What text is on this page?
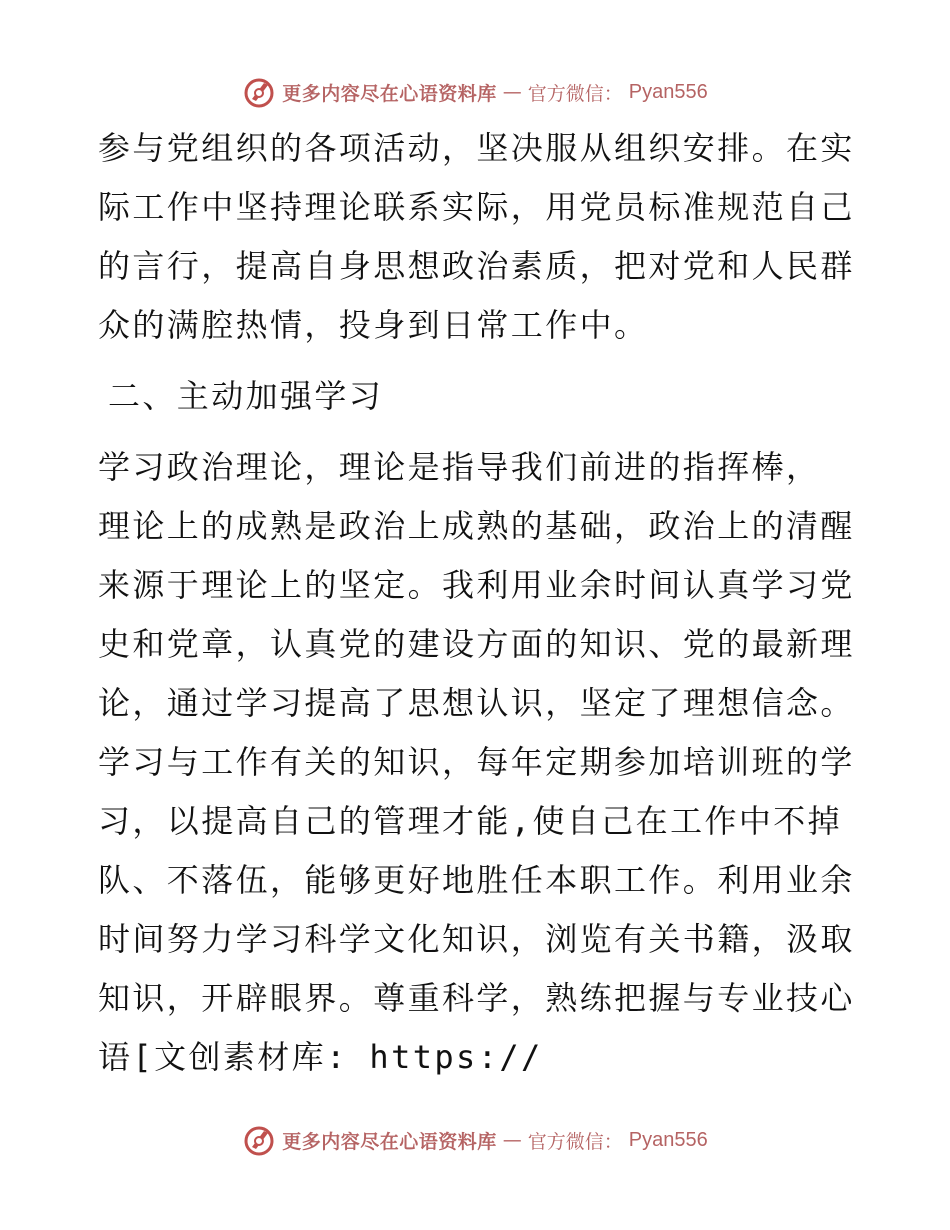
更多内容尽在心语资料库 — 官方微信： Pyan556
参与党组织的各项活动，坚决服从组织安排。在实
际工作中坚持理论联系实际，用党员标准规范自己
的言行，提高自身思想政治素质，把对党和人民群
众的满腔热情，投身到日常工作中。
二、主动加强学习
学习政治理论，理论是指导我们前进的指挥棒，
理论上的成熟是政治上成熟的基础，政治上的清醒
来源于理论上的坚定。我利用业余时间认真学习党
史和党章，认真党的建设方面的知识、党的最新理
论，通过学习提高了思想认识，坚定了理想信念。
学习与工作有关的知识，每年定期参加培训班的学
习，以提高自己的管理才能,使自己在工作中不掉
队、不落伍，能够更好地胜任本职工作。利用业余
时间努力学习科学文化知识，浏览有关书籍，汲取
知识，开辟眼界。尊重科学，熟练把握与专业技心
语[文创素材库: https://
更多内容尽在心语资料库 — 官方微信： Pyan556
